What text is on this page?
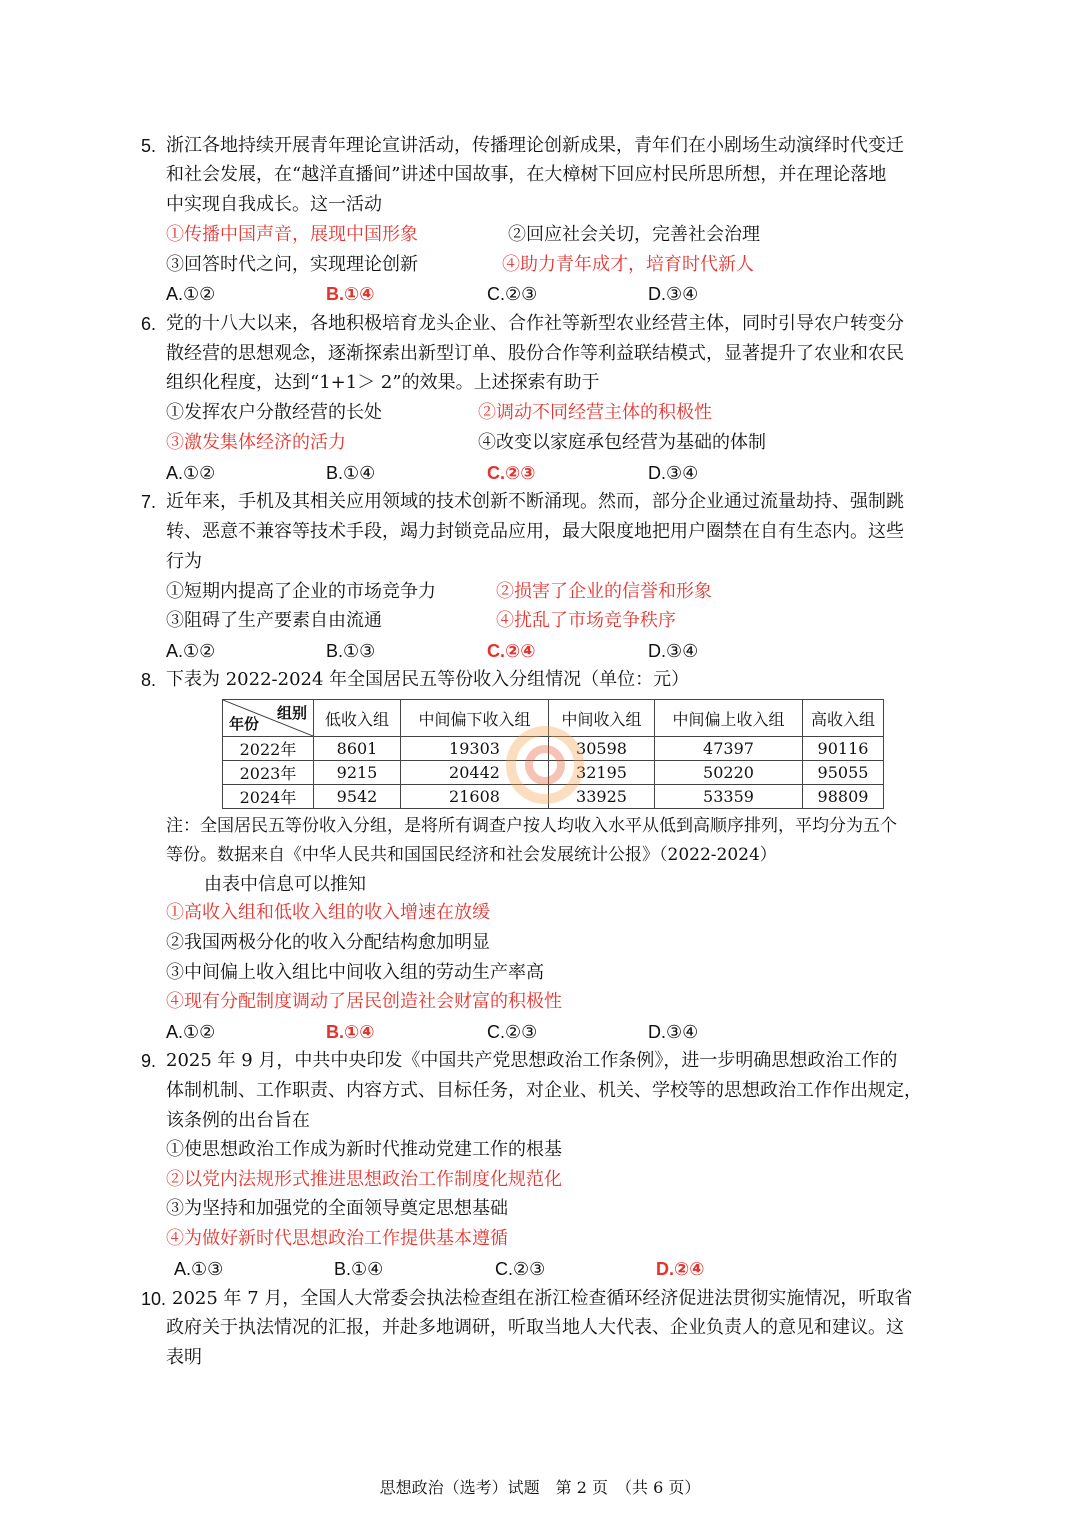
5. 浙江各地持续开展青年理论宣讲活动，传播理论创新成果，青年们在小剧场生动演绎时代变迁
和社会发展，在“越洋直播间”讲述中国故事，在大樟树下回应村民所思所想，并在理论落地
中实现自我成长。这一活动
①传播中国声音，展现中国形象	②回应社会关切，完善社会治理
③回答时代之问，实现理论创新	④助力青年成才，培育时代新人
A.①②	B.①④	C.②③	D.③④
6. 党的十八大以来，各地积极培育龙头企业、合作社等新型农业经营主体，同时引导农户转变分
散经营的思想观念，逐渐探索出新型订单、股份合作等利益联结模式，显著提升了农业和农民
组织化程度，达到“1+1＞ 2”的效果。上述探索有助于
①发挥农户分散经营的长处	②调动不同经营主体的积极性
③激发集体经济的活力	④改变以家庭承包经营为基础的体制
A.①②	B.①④	C.②③	D.③④
7. 近年来，手机及其相关应用领域的技术创新不断涌现。然而，部分企业通过流量劫持、强制跳
转、恶意不兼容等技术手段，竭力封锁竞品应用，最大限度地把用户圈禁在自有生态内。这些
行为
①短期内提高了企业的市场竞争力	②损害了企业的信誉和形象
③阻碍了生产要素自由流通	④扰乱了市场竞争秩序
A.①②	B.①③	C.②④	D.③④
8. 下表为 2022-2024 年全国居民五等份收入分组情况（单位：元）
组别
年份	低收入组	中间偏下收入组	中间收入组	中间偏上收入组	高收入组
2022年	8601	19303	30598	47397	90116
2023年	9215	20442	32195	50220	95055
2024年	9542	21608	33925	53359	98809
注：全国居民五等份收入分组，是将所有调查户按人均收入水平从低到高顺序排列，平均分为五个
等份。数据来自《中华人民共和国国民经济和社会发展统计公报》（2022-2024）
由表中信息可以推知
①高收入组和低收入组的收入增速在放缓
②我国两极分化的收入分配结构愈加明显
③中间偏上收入组比中间收入组的劳动生产率高
④现有分配制度调动了居民创造社会财富的积极性
A.①②	B.①④	C.②③	D.③④
9. 2025 年 9 月，中共中央印发《中国共产党思想政治工作条例》，进一步明确思想政治工作的
体制机制、工作职责、内容方式、目标任务，对企业、机关、学校等的思想政治工作作出规定，
该条例的出台旨在
①使思想政治工作成为新时代推动党建工作的根基
②以党内法规形式推进思想政治工作制度化规范化
③为坚持和加强党的全面领导奠定思想基础
④为做好新时代思想政治工作提供基本遵循
A.①③	B.①④	C.②③	D.②④
10. 2025 年 7 月，全国人大常委会执法检查组在浙江检查循环经济促进法贯彻实施情况，听取省
政府关于执法情况的汇报，并赴多地调研，听取当地人大代表、企业负责人的意见和建议。这
表明
思想政治（选考）试题　第 2 页　（共 6 页）
